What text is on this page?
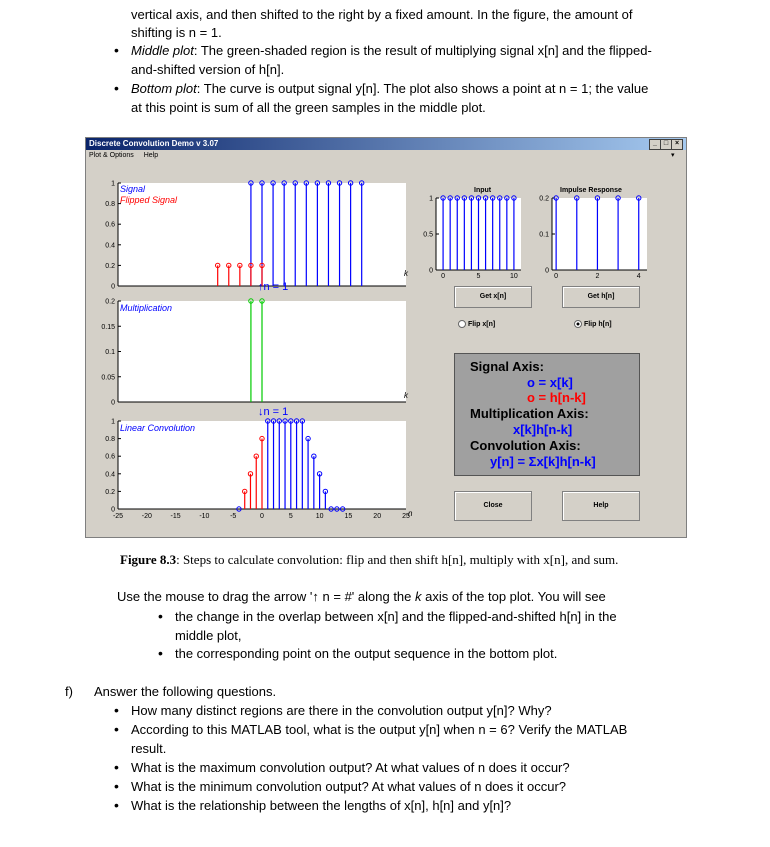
vertical axis, and then shifted to the right by a fixed amount. In the figure, the amount of
shifting is n = 1.
• Middle plot: The green-shaded region is the result of multiplying signal x[n] and the flipped-
and-shifted version of h[n].
• Bottom plot: The curve is output signal y[n]. The plot also shows a point at n = 1; the value
at this point is sum of all the green samples in the middle plot.
Discrete Convolution Demo v 3.07	_ □ ×
Plot & Options Help	▾
1
0.8
0.6
0.4
0.2
0
0.2
0.15
0.1
0.05
0
1
0.8
0.6
0.4
0.2
0
-25	-20	-15	-10	-5	0	5	10	15	20	25
1
0.5
0
0	5	10
0.2
0.1
0
0	2	4
Signal
Flipped Signal
↑n = 1
k
Multiplication
↓n = 1
k
Linear Convolution
n
Input	Impulse Response
Get x[n]	Get h[n]
Flip x[n]	Flip h[n]
Signal Axis:
o = x[k]
o = h[n-k]
Multiplication Axis:
x[k]h[n-k]
Convolution Axis:
y[n] = Σx[k]h[n-k]
Close	Help
Figure 8.3: Steps to calculate convolution: flip and then shift h[n], multiply with x[n], and sum.
Use the mouse to drag the arrow '↑ n = #' along the k axis of the top plot. You will see
• the change in the overlap between x[n] and the flipped-and-shifted h[n] in the
middle plot,
• the corresponding point on the output sequence in the bottom plot.
f) Answer the following questions.
• How many distinct regions are there in the convolution output y[n]? Why?
• According to this MATLAB tool, what is the output y[n] when n = 6? Verify the MATLAB
result.
• What is the maximum convolution output? At what values of n does it occur?
• What is the minimum convolution output? At what values of n does it occur?
• What is the relationship between the lengths of x[n], h[n] and y[n]?
